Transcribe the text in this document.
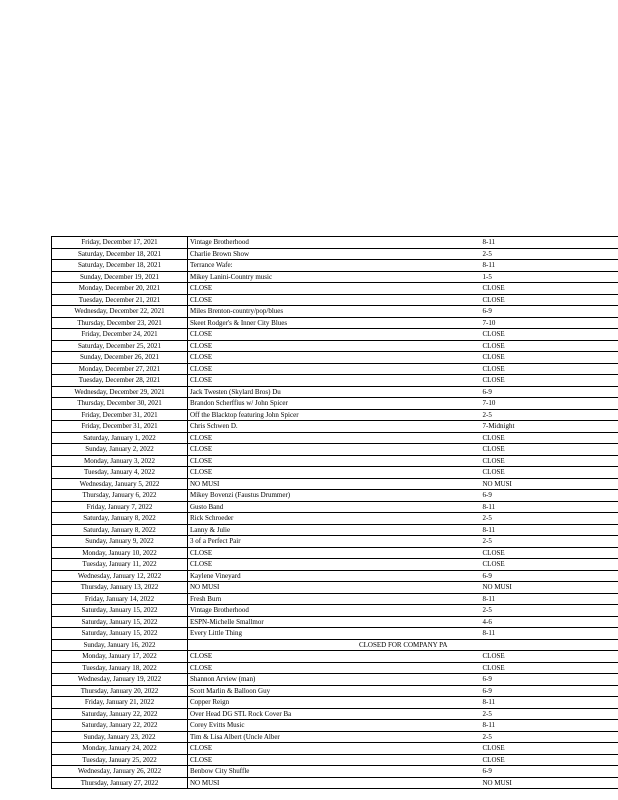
Friday, December 17, 2021	Vintage Brotherhood	8-11
Saturday, December 18, 2021	Charlie Brown Show	2-5
Saturday, December 18, 2021	Terrance Wafe:	8-11
Sunday, December 19, 2021	Mikey Lanini-Country music	1-5
Monday, December 20, 2021	CLOSE	CLOSE
Tuesday, December 21, 2021	CLOSE	CLOSE
Wednesday, December 22, 2021	Miles Brenton-country/pop/blues	6-9
Thursday, December 23, 2021	Skeet Rodger's & Inner City Blues	7-10
Friday, December 24, 2021	CLOSE	CLOSE
Saturday, December 25, 2021	CLOSE	CLOSE
Sunday, December 26, 2021	CLOSE	CLOSE
Monday, December 27, 2021	CLOSE	CLOSE
Tuesday, December 28, 2021	CLOSE	CLOSE
Wednesday, December 29, 2021	Jack Twesten (Skylard Bros) Du	6-9
Thursday, December 30, 2021	Brandon Scherffius w/ John Spicer	7-10
Friday, December 31, 2021	Off the Blacktop featuring John Spicer	2-5
Friday, December 31, 2021	Chris Schwen D.	7-Midnight
Saturday, January 1, 2022	CLOSE	CLOSE
Sunday, January 2, 2022	CLOSE	CLOSE
Monday, January 3, 2022	CLOSE	CLOSE
Tuesday, January 4, 2022	CLOSE	CLOSE
Wednesday, January 5, 2022	NO MUSI	NO MUSI
Thursday, January 6, 2022	Mikey Bovenzi (Faustus Drummer)	6-9
Friday, January 7, 2022	Gusto Band	8-11
Saturday, January 8, 2022	Rick Schroeder	2-5
Saturday, January 8, 2022	Lanny & Julie	8-11
Sunday, January 9, 2022	3 of a Perfect Pair	2-5
Monday, January 10, 2022	CLOSE	CLOSE
Tuesday, January 11, 2022	CLOSE	CLOSE
Wednesday, January 12, 2022	Kaylene Vineyard	6-9
Thursday, January 13, 2022	NO MUSI	NO MUSI
Friday, January 14, 2022	Fresh Burn	8-11
Saturday, January 15, 2022	Vintage Brotherhood	2-5
Saturday, January 15, 2022	ESPN-Michelle Smallmor	4-6
Saturday, January 15, 2022	Every Little Thing	8-11
Sunday, January 16, 2022	CLOSED FOR COMPANY PA	
Monday, January 17, 2022	CLOSE	CLOSE
Tuesday, January 18, 2022	CLOSE	CLOSE
Wednesday, January 19, 2022	Shannon Arview (man)	6-9
Thursday, January 20, 2022	Scott Marlin & Balloon Guy	6-9
Friday, January 21, 2022	Copper Reign	8-11
Saturday, January 22, 2022	Over Head DG STL Rock Cover Ba	2-5
Saturday, January 22, 2022	Corey Evitts Music	8-11
Sunday, January 23, 2022	Tim & Lisa Albert (Uncle Alber	2-5
Monday, January 24, 2022	CLOSE	CLOSE
Tuesday, January 25, 2022	CLOSE	CLOSE
Wednesday, January 26, 2022	Benbow City Shuffle	6-9
Thursday, January 27, 2022	NO MUSI	NO MUSI
